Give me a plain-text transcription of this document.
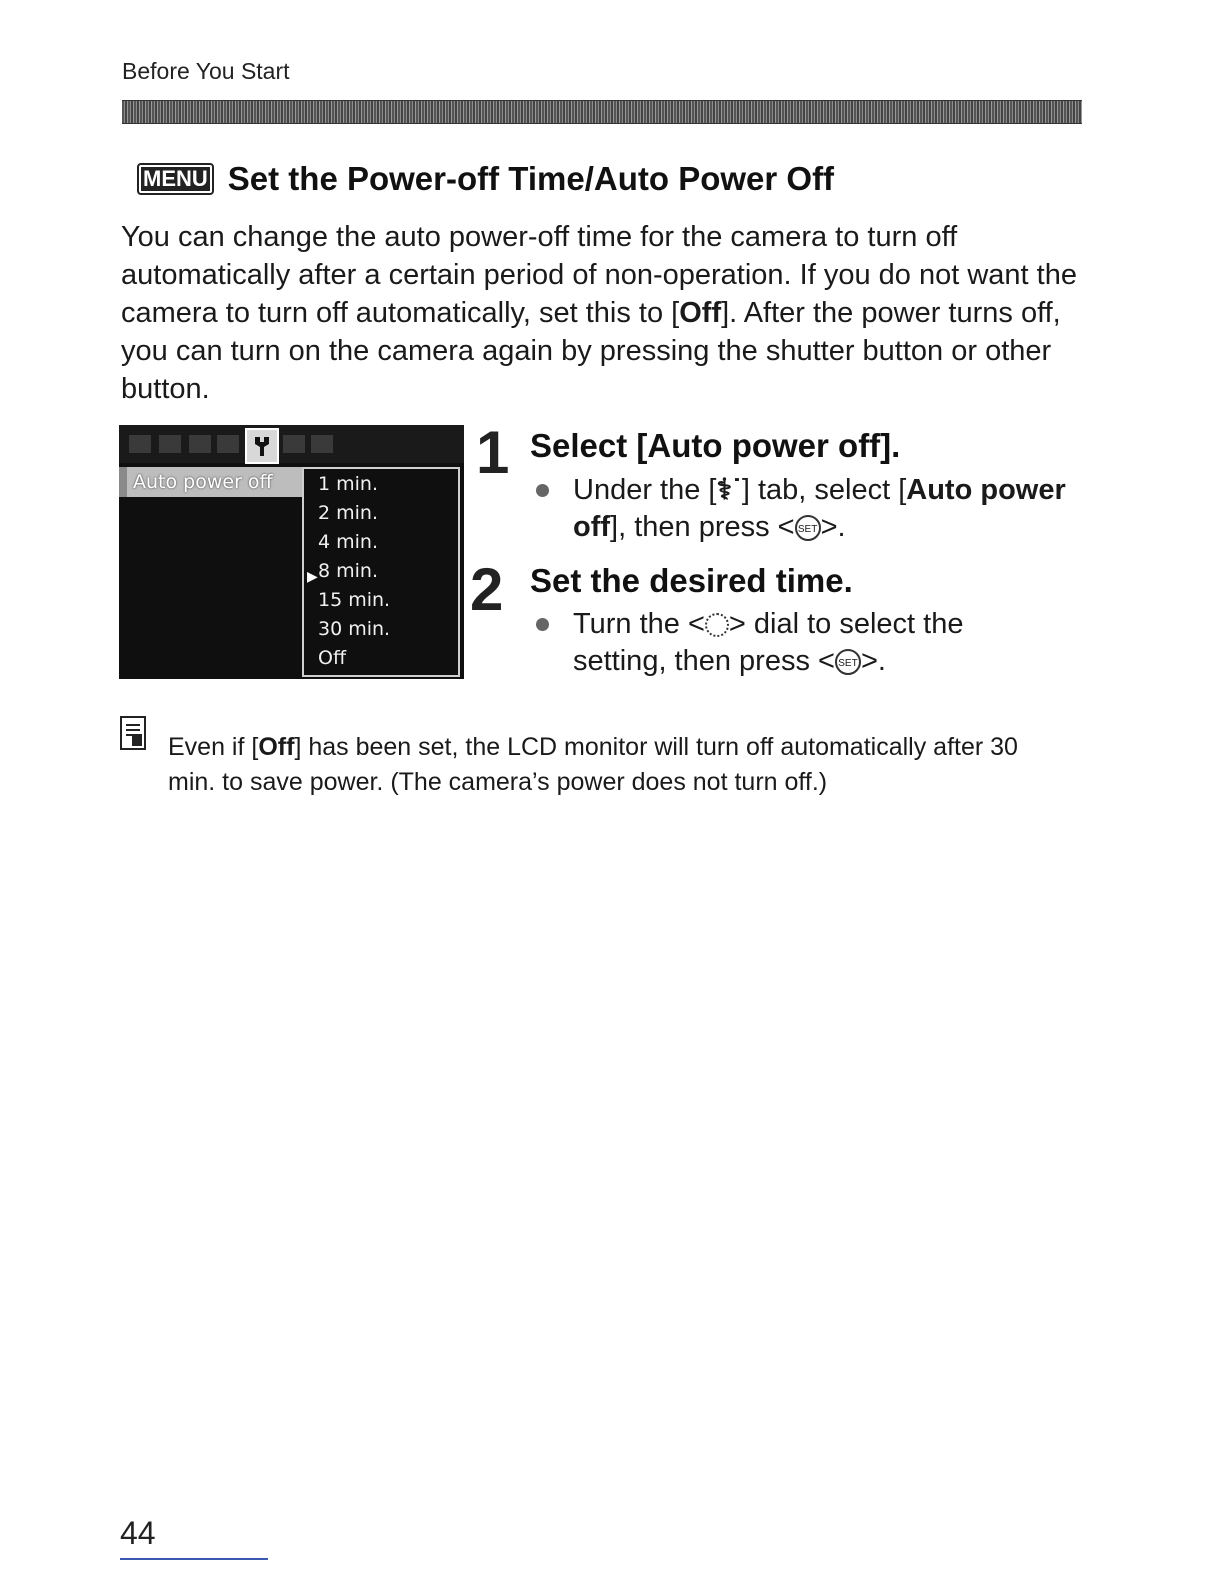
Before You Start
MENU Set the Power-off Time/Auto Power Off
You can change the auto power-off time for the camera to turn off automatically after a certain period of non-operation. If you do not want the camera to turn off automatically, set this to [Off]. After the power turns off, you can turn on the camera again by pressing the shutter button or other button.
Auto power off
▶
1 min.
2 min.
4 min.
8 min.
15 min.
30 min.
Off
1 Select [Auto power off].
Under the [⚕˙] tab, select [Auto power off], then press < SET >.
2 Set the desired time.
Turn the < > dial to select the setting, then press < SET >.
Even if [Off] has been set, the LCD monitor will turn off automatically after 30 min. to save power. (The camera’s power does not turn off.)
44
